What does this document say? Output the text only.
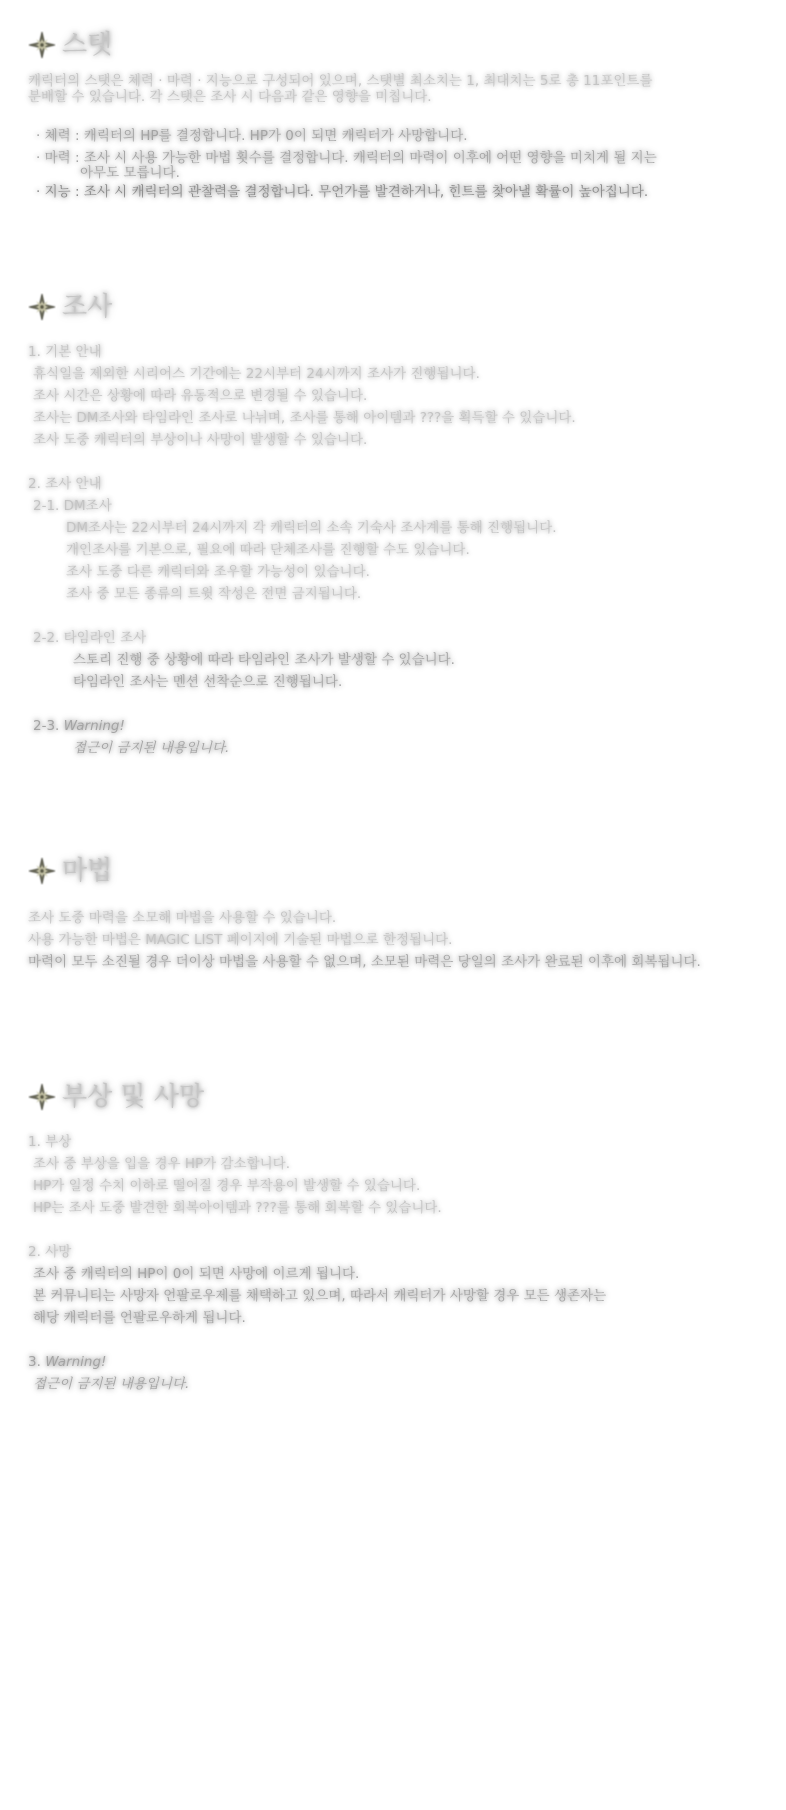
스탯
캐릭터의 스탯은 체력 · 마력 · 지능으로 구성되어 있으며, 스탯별 최소치는 1, 최대치는 5로 총 11포인트를
분배할 수 있습니다. 각 스탯은 조사 시 다음과 같은 영향을 미칩니다.
· 체력 : 캐릭터의 HP를 결정합니다. HP가 0이 되면 캐릭터가 사망합니다.
· 마력 : 조사 시 사용 가능한 마법 횟수를 결정합니다. 캐릭터의 마력이 이후에 어떤 영향을 미치게 될 지는
아무도 모릅니다.
· 지능 : 조사 시 캐릭터의 관찰력을 결정합니다. 무언가를 발견하거나, 힌트를 찾아낼 확률이 높아집니다.
조사
1. 기본 안내
휴식일을 제외한 시리어스 기간에는 22시부터 24시까지 조사가 진행됩니다.
조사 시간은 상황에 따라 유동적으로 변경될 수 있습니다.
조사는 DM조사와 타임라인 조사로 나뉘며, 조사를 통해 아이템과 ???을 획득할 수 있습니다.
조사 도중 캐릭터의 부상이나 사망이 발생할 수 있습니다.
2. 조사 안내
2-1. DM조사
DM조사는 22시부터 24시까지 각 캐릭터의 소속 기숙사 조사계를 통해 진행됩니다.
개인조사를 기본으로, 필요에 따라 단체조사를 진행할 수도 있습니다.
조사 도중 다른 캐릭터와 조우할 가능성이 있습니다.
조사 중 모든 종류의 트윗 작성은 전면 금지됩니다.
2-2. 타임라인 조사
스토리 진행 중 상황에 따라 타임라인 조사가 발생할 수 있습니다.
타임라인 조사는 멘션 선착순으로 진행됩니다.
2-3. Warning!
접근이 금지된 내용입니다.
마법
조사 도중 마력을 소모해 마법을 사용할 수 있습니다.
사용 가능한 마법은 MAGIC LIST 페이지에 기술된 마법으로 한정됩니다.
마력이 모두 소진될 경우 더이상 마법을 사용할 수 없으며, 소모된 마력은 당일의 조사가 완료된 이후에 회복됩니다.
부상 및 사망
1. 부상
조사 중 부상을 입을 경우 HP가 감소합니다.
HP가 일정 수치 이하로 떨어질 경우 부작용이 발생할 수 있습니다.
HP는 조사 도중 발견한 회복아이템과 ???를 통해 회복할 수 있습니다.
2. 사망
조사 중 캐릭터의 HP이 0이 되면 사망에 이르게 됩니다.
본 커뮤니티는 사망자 언팔로우제를 채택하고 있으며, 따라서 캐릭터가 사망할 경우 모든 생존자는
해당 캐릭터를 언팔로우하게 됩니다.
3. Warning!
접근이 금지된 내용입니다.
